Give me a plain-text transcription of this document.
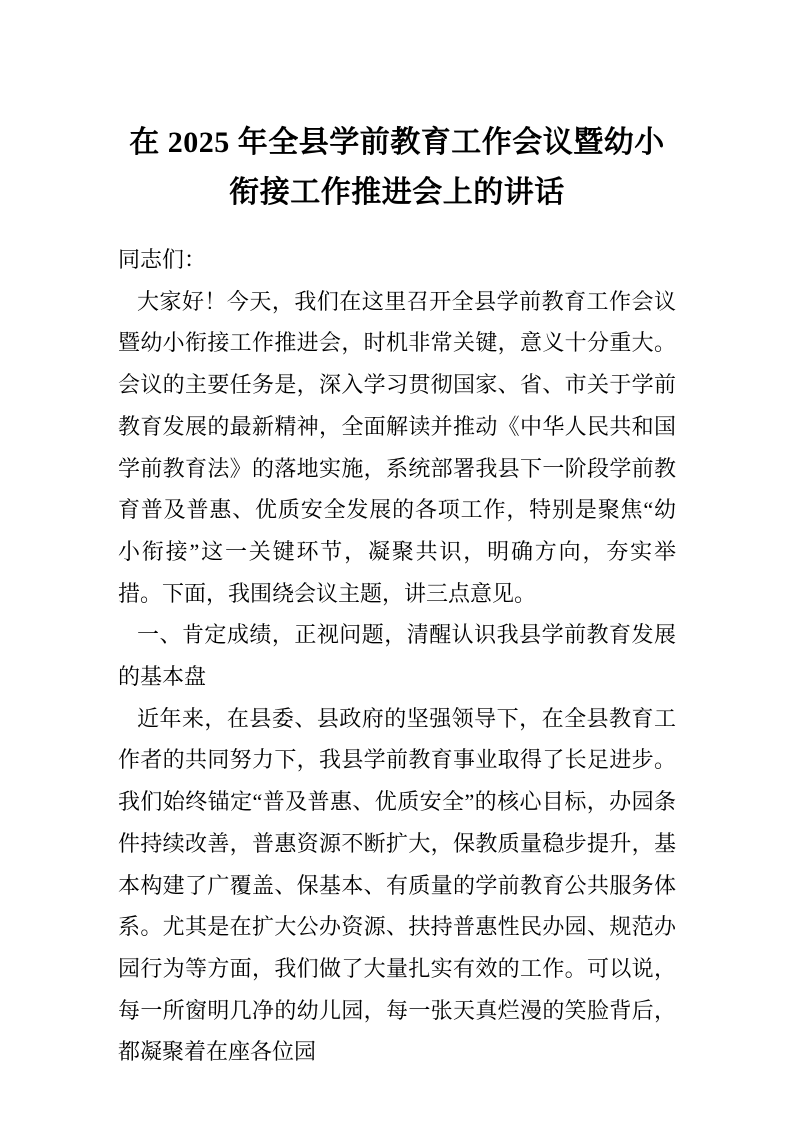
在 2025 年全县学前教育工作会议暨幼小衔接工作推进会上的讲话

同志们：

大家好！今天，我们在这里召开全县学前教育工作会议暨幼小衔接工作推进会，时机非常关键，意义十分重大。会议的主要任务是，深入学习贯彻国家、省、市关于学前教育发展的最新精神，全面解读并推动《中华人民共和国学前教育法》的落地实施，系统部署我县下一阶段学前教育普及普惠、优质安全发展的各项工作，特别是聚焦“幼小衔接”这一关键环节，凝聚共识，明确方向，夯实举措。下面，我围绕会议主题，讲三点意见。

一、肯定成绩，正视问题，清醒认识我县学前教育发展的基本盘

近年来，在县委、县政府的坚强领导下，在全县教育工作者的共同努力下，我县学前教育事业取得了长足进步。我们始终锚定“普及普惠、优质安全”的核心目标，办园条件持续改善，普惠资源不断扩大，保教质量稳步提升，基本构建了广覆盖、保基本、有质量的学前教育公共服务体系。尤其是在扩大公办资源、扶持普惠性民办园、规范办园行为等方面，我们做了大量扎实有效的工作。可以说，每一所窗明几净的幼儿园，每一张天真烂漫的笑脸背后，都凝聚着在座各位园
